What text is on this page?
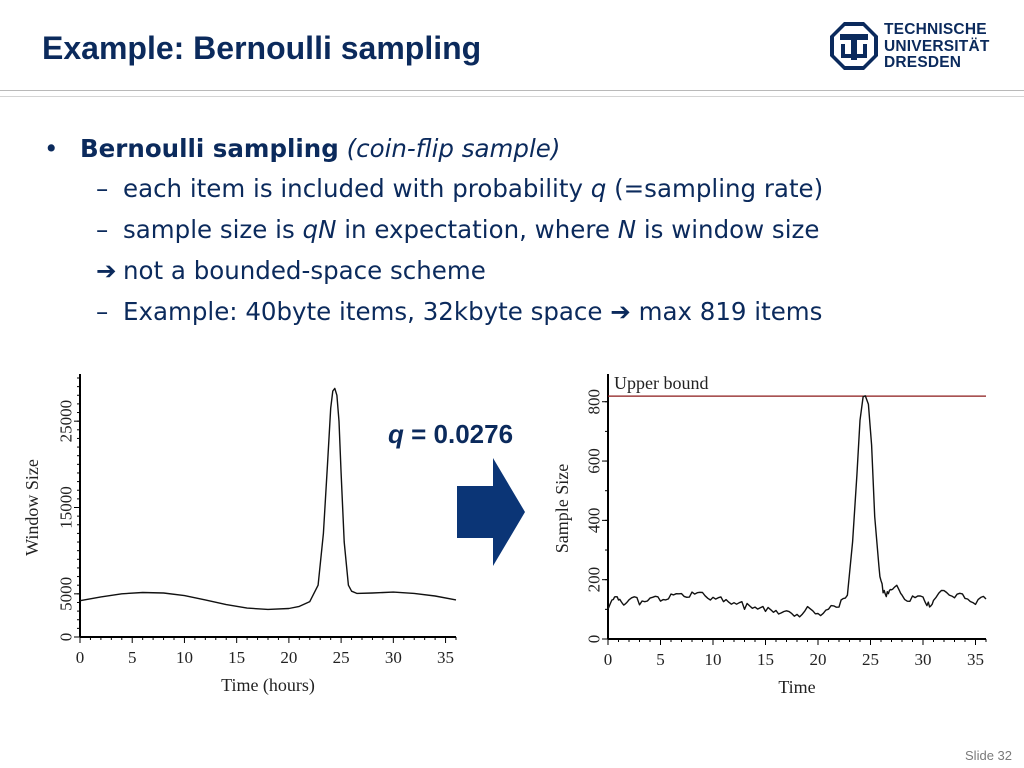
Example: Bernoulli sampling
TECHNISCHE
UNIVERSITÄT
DRESDEN
• Bernoulli sampling (coin-flip sample)
– each item is included with probability q (=sampling rate)
– sample size is qN in expectation, where N is window size
➔ not a bounded-space scheme
– Example: 40byte items, 32kbyte space ➔ max 819 items
0	5 10 15 20 25 30 35
0
5000
15000
25000
Time (hours)
Window Size
q = 0.0276
0	5 10 15 20 25 30 35
0
200
400
600
800
Time
Sample Size
Upper bound
Slide 32
